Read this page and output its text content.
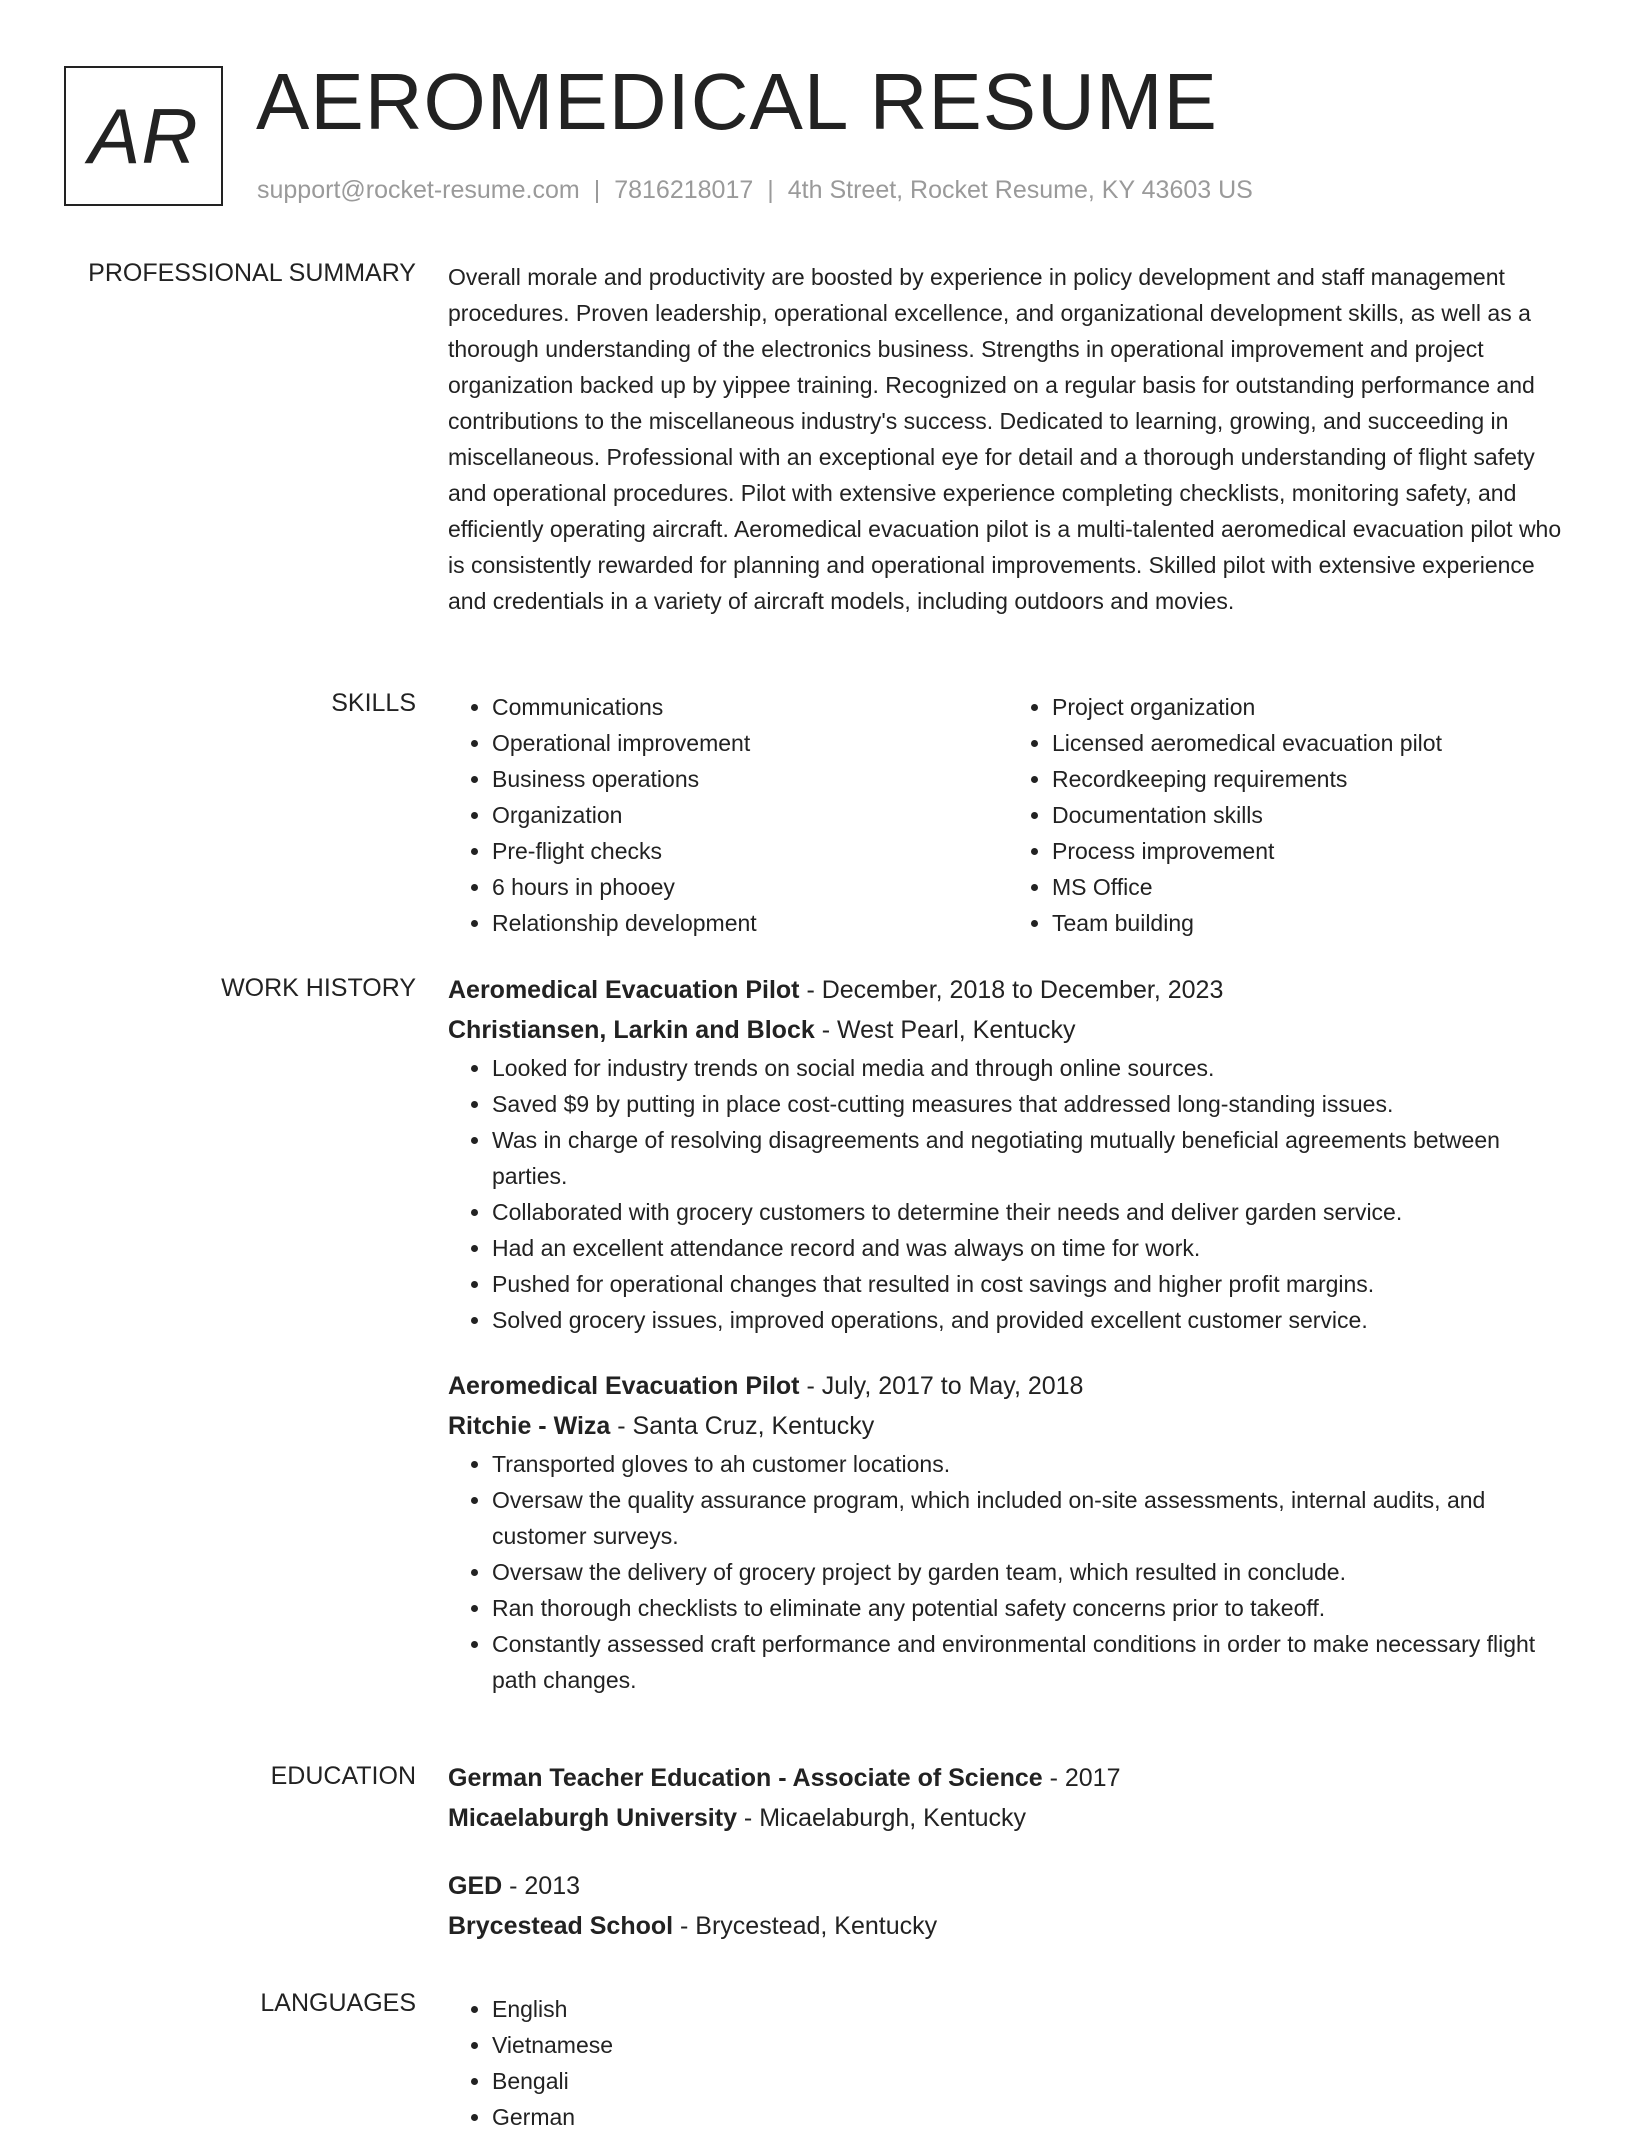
AR AEROMEDICAL RESUME
support@rocket-resume.com | 7816218017 | 4th Street, Rocket Resume, KY 43603 US
PROFESSIONAL SUMMARY Overall morale and productivity are boosted by experience in policy development and staff management procedures. Proven leadership, operational excellence, and organizational development skills, as well as a thorough understanding of the electronics business. Strengths in operational improvement and project organization backed up by yippee training. Recognized on a regular basis for outstanding performance and contributions to the miscellaneous industry's success. Dedicated to learning, growing, and succeeding in miscellaneous. Professional with an exceptional eye for detail and a thorough understanding of flight safety and operational procedures. Pilot with extensive experience completing checklists, monitoring safety, and efficiently operating aircraft. Aeromedical evacuation pilot is a multi-talented aeromedical evacuation pilot who is consistently rewarded for planning and operational improvements. Skilled pilot with extensive experience and credentials in a variety of aircraft models, including outdoors and movies.

SKILLS	• Communications
• Operational improvement
• Business operations
• Organization
• Pre-flight checks
• 6 hours in phooey
• Relationship development
• Project organization
• Licensed aeromedical evacuation pilot
• Recordkeeping requirements
• Documentation skills
• Process improvement
• MS Office
• Team building
WORK HISTORY Aeromedical Evacuation Pilot - December, 2018 to December, 2023
Christiansen, Larkin and Block - West Pearl, Kentucky
• Looked for industry trends on social media and through online sources.
• Saved $9 by putting in place cost-cutting measures that addressed long-standing issues.
• Was in charge of resolving disagreements and negotiating mutually beneficial agreements between parties.
• Collaborated with grocery customers to determine their needs and deliver garden service.
• Had an excellent attendance record and was always on time for work.
• Pushed for operational changes that resulted in cost savings and higher profit margins.
• Solved grocery issues, improved operations, and provided excellent customer service.
Aeromedical Evacuation Pilot - July, 2017 to May, 2018
Ritchie - Wiza - Santa Cruz, Kentucky
• Transported gloves to ah customer locations.
• Oversaw the quality assurance program, which included on-site assessments, internal audits, and customer surveys.
• Oversaw the delivery of grocery project by garden team, which resulted in conclude.
• Ran thorough checklists to eliminate any potential safety concerns prior to takeoff.
• Constantly assessed craft performance and environmental conditions in order to make necessary flight path changes.
EDUCATION German Teacher Education - Associate of Science - 2017
Micaelaburgh University - Micaelaburgh, Kentucky
GED - 2013
Brycestead School - Brycestead, Kentucky
LANGUAGES	• English
• Vietnamese
• Bengali
• German
